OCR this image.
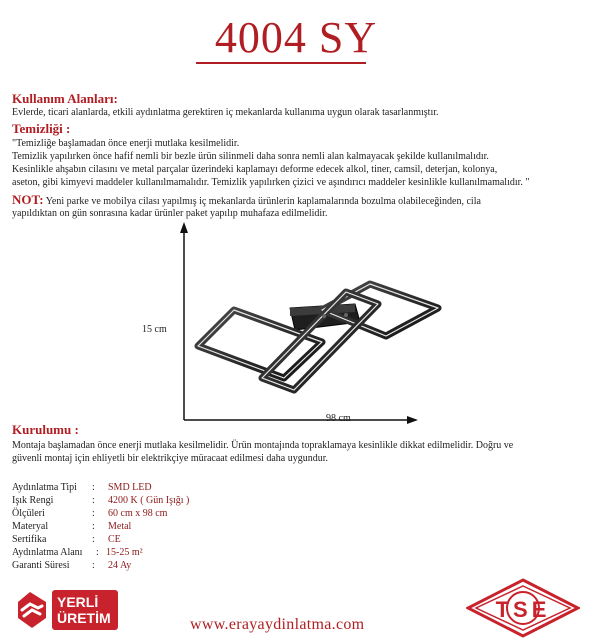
4004 SY
Kullanım Alanları:
Evlerde, ticari alanlarda, etkili aydınlatma gerektiren iç mekanlarda kullanıma uygun olarak tasarlanmıştır.
Temizliği :
"Temizliğe başlamadan önce enerji mutlaka kesilmelidir.
Temizlik yapılırken önce hafif nemli bir bezle ürün silinmeli daha sonra nemli alan kalmayacak şekilde kullanılmalıdır.
Kesinlikle ahşabın cilasını ve metal parçalar üzerindeki kaplamayı deforme edecek alkol, tiner, camsil, deterjan, kolonya,
aseton, gibi kimyevi maddeler kullanılmamalıdır. Temizlik yapılırken çizici ve aşındırıcı maddeler kesinlikle kullanılmamalıdır. "
NOT: Yeni parke ve mobilya cilası yapılmış iç mekanlarda ürünlerin kaplamalarında bozulma olabileceğinden, cila
yapıldıktan on gün sonrasına kadar ürünler paket yapılıp muhafaza edilmelidir.
15 cm
98 cm
Kurulumu :
Montaja başlamadan önce enerji mutlaka kesilmelidir. Ürün montajında topraklamaya kesinlikle dikkat edilmelidir. Doğru ve
güvenli montaj için ehliyetli bir elektrikçiye müracaat edilmesi daha uygundur.
Aydınlatma Tipi : SMD LED
Işık Rengi	: 4200 K ( Gün Işığı )
Ölçüleri	: 60 cm x 98 cm
Materyal	: Metal
Sertifika	: CE
Aydınlatma Alanı : 15-25 m²
Garanti Süresi : 24 Ay
YERLİ
ÜRETİM	www.erayaydinlatma.com
TSE
